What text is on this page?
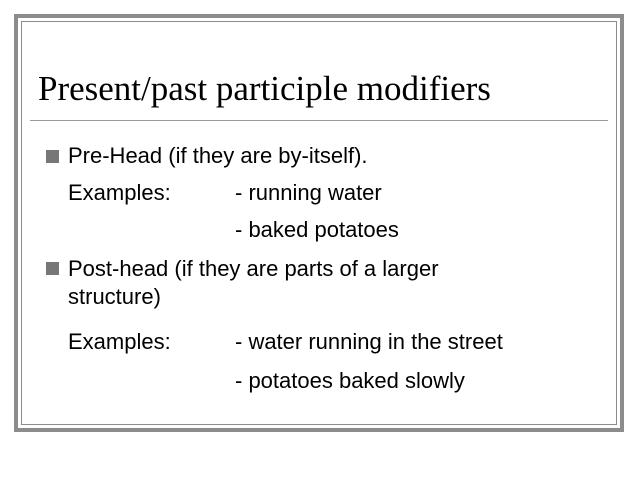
Present/past participle modifiers
Pre-Head (if they are by-itself).
Examples:	- running water
- baked potatoes
Post-head (if they are parts of a larger
structure)
Examples:	- water running in the street
- potatoes baked slowly
